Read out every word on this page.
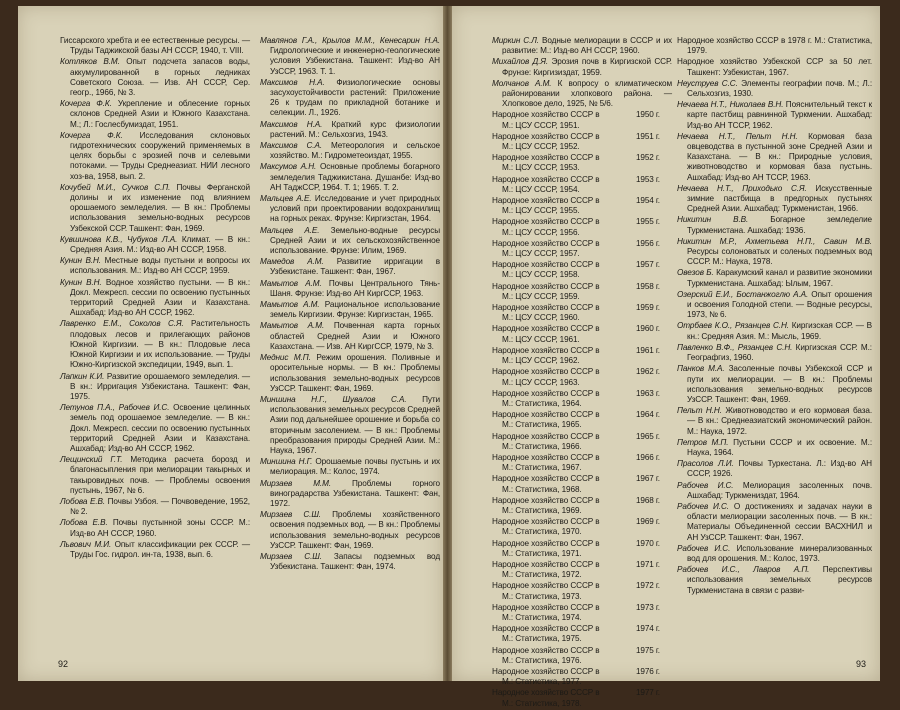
Гиссарского хребта и ее естественные ресурсы. — Труды Таджикской базы АН СССР, 1940, т. VIII.
Котляков В.М. Опыт подсчета запасов воды, аккумулированной в горных ледниках Советского Союза. — Изв. АН СССР, Сер. геогр., 1966, № 3.
Кочерга Ф.К. Укрепление и облесение горных склонов Средней Азии и Южного Казахстана. М.; Л.: Гослесбумиздат, 1951.
Кочерга Ф.К. Исследования склоновых гидротехнических сооружений применяемых в целях борьбы с эрозией почв и селевыми потоками. — Труды Среднеазиат. НИИ лесного хоз-ва, 1958, вып. 2.
Кочубей М.И., Сучков С.П. Почвы Ферганской долины и их изменение под влиянием орошаемого земледелия. — В кн.: Проблемы использования земельно-водных ресурсов Узбекской ССР. Ташкент: Фан, 1969.
Кувшинова К.В., Чубуков Л.А. Климат. — В кн.: Средняя Азия. М.: Изд-во АН СССР, 1958.
Кунин В.Н. Местные воды пустыни и вопросы их использования. М.: Изд-во АН СССР, 1959.
Кунин В.Н. Водное хозяйство пустыни. — В кн.: Докл. Межресп. сессии по освоению пустынных территорий Средней Азии и Казахстана. Ашхабад: Изд-во АН СССР, 1962.
Лавренко Е.М., Соколов С.Я. Растительность плодовых лесов и прилегающих районов Южной Киргизии. — В кн.: Плодовые леса Южной Киргизии и их использование. — Труды Южно-Киргизской экспедиции, 1949, вып. 1.
Лапкин К.И. Развитие орошаемого земледелия. — В кн.: Ирригация Узбекистана. Ташкент: Фан, 1975.
Летунов П.А., Рабочев И.С. Освоение целинных земель под орошаемое земледелие. — В кн.: Докл. Межресп. сессии по освоению пустынных территорий Средней Азии и Казахстана. Ашхабад: Изд-во АН СССР, 1962.
Лещинский Г.Т. Методика расчета борозд и благонасыпления при мелиорации такырных и такыровидных почв. — Проблемы освоения пустынь, 1967, № 6.
Лобова Е.В. Почвы Узбоя. — Почвоведение, 1952, № 2.
Лобова Е.В. Почвы пустынной зоны СССР. М.: Изд-во АН СССР, 1960.
Львович М.И. Опыт классификации рек СССР. — Труды Гос. гидрол. ин-та, 1938, вып. 6.
Мавлянов Г.А., Крылов М.М., Кенесарин Н.А. Гидрологические и инженерно-геологические условия Узбекистана. Ташкент: Изд-во АН УзССР, 1963. Т. 1.
Максимов Н.А. Физиологические основы засухоустойчивости растений: Приложение 26 к трудам по прикладной ботанике и селекции. Л., 1926.
Максимов Н.А. Краткий курс физиологии растений. М.: Сельхозгиз, 1943.
Максимов С.А. Метеорология и сельское хозяйство. М.: Гидрометеоиздат, 1955.
Максумов А.Н. Основные проблемы богарного земледелия Таджикистана. Душанбе: Изд-во АН ТаджССР, 1964. Т. 1; 1965. Т. 2.
Мальцев А.Е. Исследование и учет природных условий при проектировании водохранилищ на горных реках. Фрунзе: Киргизстан, 1964.
Мальцев А.Е. Земельно-водные ресурсы Средней Азии и их сельскохозяйственное использование. Фрунзе: Илим, 1969.
Мамедов А.М. Развитие ирригации в Узбекистане. Ташкент: Фан, 1967.
Мамытов А.М. Почвы Центрального Тянь-Шаня. Фрунзе: Изд-во АН КиргССР, 1963.
Мамытов А.М. Рациональное использование земель Киргизии. Фрунзе: Киргизстан, 1965.
Мамытов А.М. Почвенная карта горных областей Средней Азии и Южного Казахстана. — Изв. АН КиргССР, 1979, № 3.
Меднис М.П. Режим орошения. Поливные и оросительные нормы. — В кн.: Проблемы использования земельно-водных ресурсов УзССР. Ташкент: Фан, 1969.
Миншина Н.Г., Шувалов С.А. Пути использования земельных ресурсов Средней Азии под дальнейшее орошение и борьба со вторичным засолением. — В кн.: Проблемы преобразования природы Средней Азии. М.: Наука, 1967.
Миншина Н.Г. Орошаемые почвы пустынь и их мелиорация. М.: Колос, 1974.
Мирзаев М.М.	Проблемы горного виноградарства Узбекистана. Ташкент: Фан, 1972.
Мирзаев С.Ш. Проблемы хозяйственного освоения подземных вод. — В кн.: Проблемы использования земельно-водных ресурсов УзССР. Ташкент: Фан, 1969.
Мирзаев С.Ш. Запасы подземных вод Узбекистана. Ташкент: Фан, 1974.
92
Миркин С.Л. Водные мелиорации в СССР и их развитие: М.: Изд-во АН СССР, 1960.
Михайлов Д.Я. Эрозия почв в Киргизской ССР. Фрунзе: Киргизиздат, 1959.
Молчанов А.М. К вопросу о климатическом районировании хлопкового района. — Хлопковое дело, 1925, № 5/6.
Народное хозяйство СССР в	1950 г.

М.: ЦСУ СССР, 1951.
Народное хозяйство СССР в	1951 г.

М.: ЦСУ СССР, 1952.
Народное хозяйство СССР в	1952 г.

М.: ЦСУ СССР, 1953.
Народное хозяйство СССР в	1953 г.

М.: ЦСУ СССР, 1954.
Народное хозяйство СССР в	1954 г.

М.: ЦСУ СССР, 1955.
Народное хозяйство СССР в	1955 г.

М.: ЦСУ СССР, 1956.
Народное хозяйство СССР в	1956 г.

М.: ЦСУ СССР, 1957.
Народное хозяйство СССР в	1957 г.

М.: ЦСУ СССР, 1958.
Народное хозяйство СССР в	1958 г.

М.: ЦСУ СССР, 1959.
Народное хозяйство СССР в	1959 г.

М.: ЦСУ СССР, 1960.
Народное хозяйство СССР в	1960 г.

М.: ЦСУ СССР, 1961.
Народное хозяйство СССР в	1961 г.

М.: ЦСУ СССР, 1962.
Народное хозяйство СССР в	1962 г.

М.: ЦСУ СССР, 1963.
Народное хозяйство СССР в	1963 г.

М.: Статистика, 1964.
Народное хозяйство СССР в	1964 г.

М.: Статистика, 1965.
Народное хозяйство СССР в	1965 г.

М.: Статистика, 1966.
Народное хозяйство СССР в	1966 г.

М.: Статистика, 1967.
Народное хозяйство СССР в	1967 г.

М.: Статистика, 1968.
Народное хозяйство СССР в	1968 г.

М.: Статистика, 1969.
Народное хозяйство СССР в	1969 г.

М.: Статистика, 1970.
Народное хозяйство СССР в	1970 г.

М.: Статистика, 1971.
Народное хозяйство СССР в	1971 г.

М.: Статистика, 1972.
Народное хозяйство СССР в	1972 г.

М.: Статистика, 1973.
Народное хозяйство СССР в	1973 г.

М.: Статистика, 1974.
Народное хозяйство СССР в	1974 г.

М.: Статистика, 1975.
Народное хозяйство СССР в	1975 г.

М.: Статистика, 1976.
Народное хозяйство СССР в	1976 г.

М.: Статистика, 1977.
Народное хозяйство СССР в	1977 г.

М.: Статистика, 1978.
Народное хозяйство СССР в 1978 г. М.: Статистика, 1979.
Народное хозяйство Узбекской ССР за 50 лет. Ташкент: Узбекистан, 1967.
Неуструев С.С. Элементы географии почв. М.; Л.: Сельхозгиз, 1930.
Нечаева Н.Т., Николаев В.Н. Пояснительный текст к карте пастбищ равнинной Туркмении. Ашхабад: Изд-во АН ТССР, 1962.
Нечаева Н.Т., Пельт Н.Н. Кормовая база овцеводства в пустынной зоне Средней Азии и Казахстана. — В кн.: Природные условия, животноводство и кормовая база пустынь. Ашхабад: Изд-во АН ТССР, 1963.
Нечаева Н.Т., Приходько С.Я. Искусственные зимние пастбища в предгорных пустынях Средней Азии. Ашхабад: Туркменистан, 1966.
Никитин В.В.	Богарное земледелие Туркменистана. Ашхабад: 1936.
Никитин М.Р., Ахметьева Н.П., Савин М.В. Ресурсы солоноватых и соленых подземных вод СССР. М.: Наука, 1978.
Овезов Б. Каракумский канал и развитие экономики Туркменистана. Ашхабад: Ылым, 1967.
Озерский Е.И., Бостанжоглю А.А. Опыт орошения и освоения Голодной степи. — Водные ресурсы, 1973, № 6.
Отрбаев К.О., Рязанцев С.Н. Киргизская ССР. — В кн.: Средняя Азия. М.: Мысль, 1969.
Павленко В.Ф., Рязанцев С.Н. Киргизская ССР. М.: Географгиз, 1960.
Панков М.А. Засоленные почвы Узбекской ССР и пути их мелиорации. — В кн.: Проблемы использования земельно-водных ресурсов УзССР. Ташкент: Фан, 1969.
Пельт Н.Н. Животноводство и его кормовая база. — В кн.: Среднеазиатский экономический район. М.: Наука, 1972.
Петров М.П. Пустыни СССР и их освоение. М.: Наука, 1964.
Прасолов Л.И. Почвы Туркестана. Л.: Изд-во АН СССР, 1926.
Рабочев И.С. Мелиорация засоленных почв. Ашхабад: Туркмениздат, 1964.
Рабочев И.С. О достижениях и задачах науки в области мелиорации засоленных почв. — В кн.: Материалы Объединенной сессии ВАСХНИЛ и АН УзССР. Ташкент: Фан, 1967.
Рабочев И.С. Использование минерализованных вод для орошения. М.: Колос, 1973.
Рабочев И.С., Лавров А.П. Перспективы использования земельных ресурсов Туркменистана в связи с разви-
93
